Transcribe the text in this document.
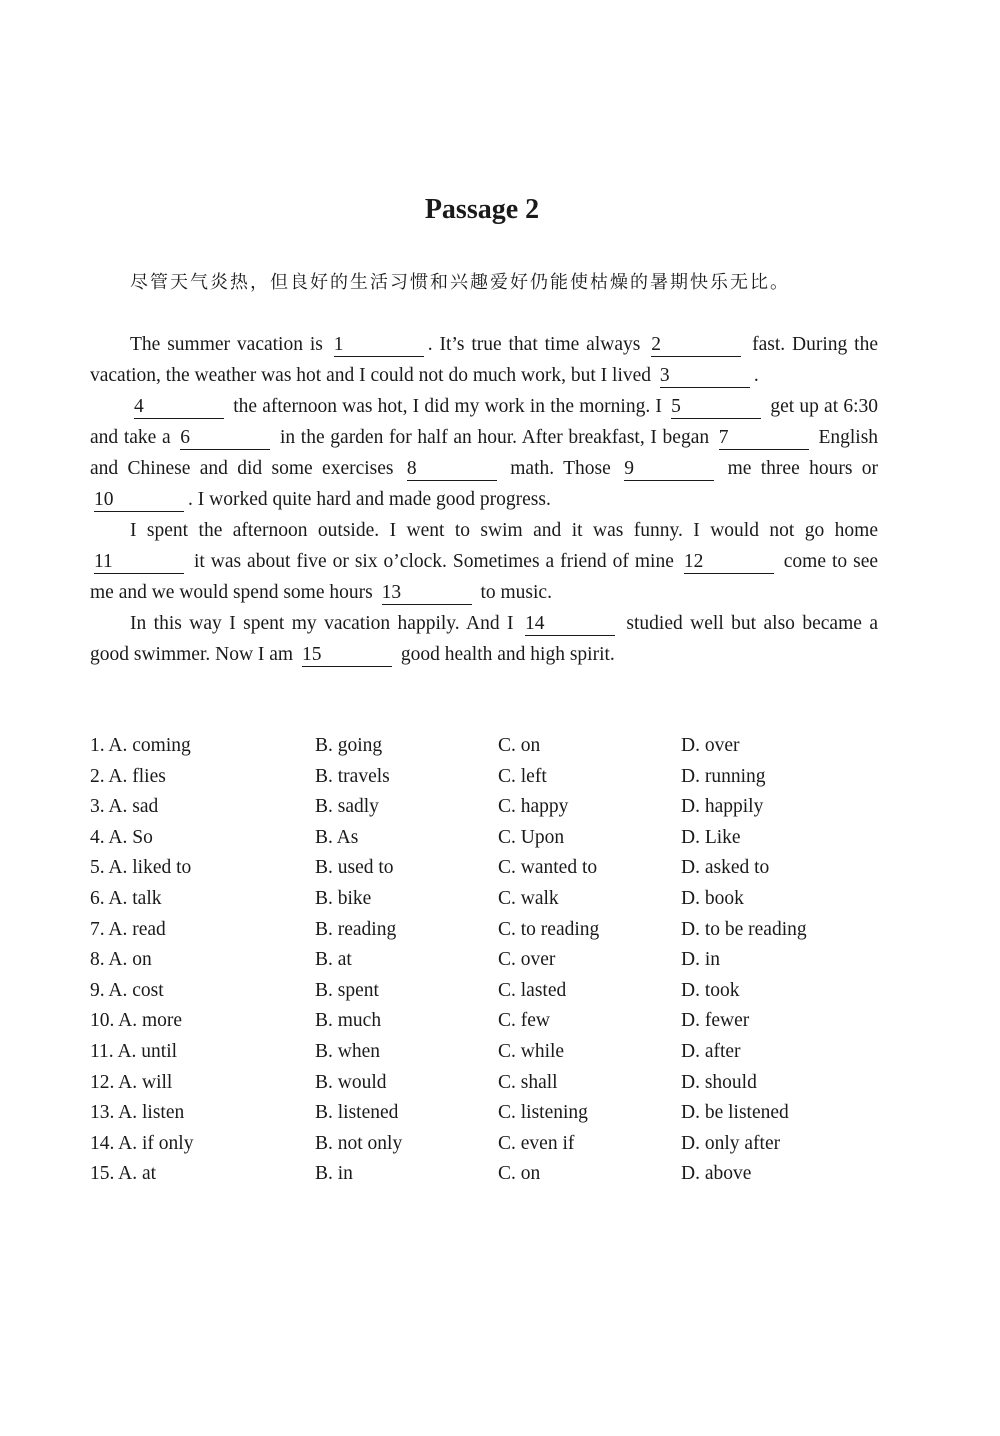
Passage 2
尽管天气炎热，但良好的生活习惯和兴趣爱好仍能使枯燥的暑期快乐无比。

The summer vacation is 1	. It’s true that time always 2	fast. During the vacation, the weather was hot and I could not do much work, but I lived 3	.

4	the afternoon was hot, I did my work in the morning. I 5	get up at 6:30 and take a 6	in the garden for half an hour. After breakfast, I began 7	English and Chinese and did some exercises 8	math. Those 9	me three hours or 10	. I worked quite hard and made good progress.

I spent the afternoon outside. I went to swim and it was funny. I would not go home 11	it was about five or six o’clock. Sometimes a friend of mine 12	come to see me and we would spend some hours 13	to music.

In this way I spent my vacation happily. And I 14	studied well but also became a good swimmer. Now I am 15	good health and high spirit.

1. A. coming	B. going	C. on	D. over
2. A. flies	B. travels	C. left	D. running
3. A. sad	B. sadly	C. happy	D. happily
4. A. So	B. As	C. Upon	D. Like
5. A. liked to	B. used to	C. wanted to	D. asked to
6. A. talk	B. bike	C. walk	D. book
7. A. read	B. reading	C. to reading	D. to be reading
8. A. on	B. at	C. over	D. in
9. A. cost	B. spent	C. lasted	D. took
10. A. more	B. much	C. few	D. fewer
11. A. until	B. when	C. while	D. after
12. A. will	B. would	C. shall	D. should
13. A. listen	B. listened	C. listening	D. be listened
14. A. if only	B. not only	C. even if	D. only after
15. A. at	B. in	C. on	D. above
